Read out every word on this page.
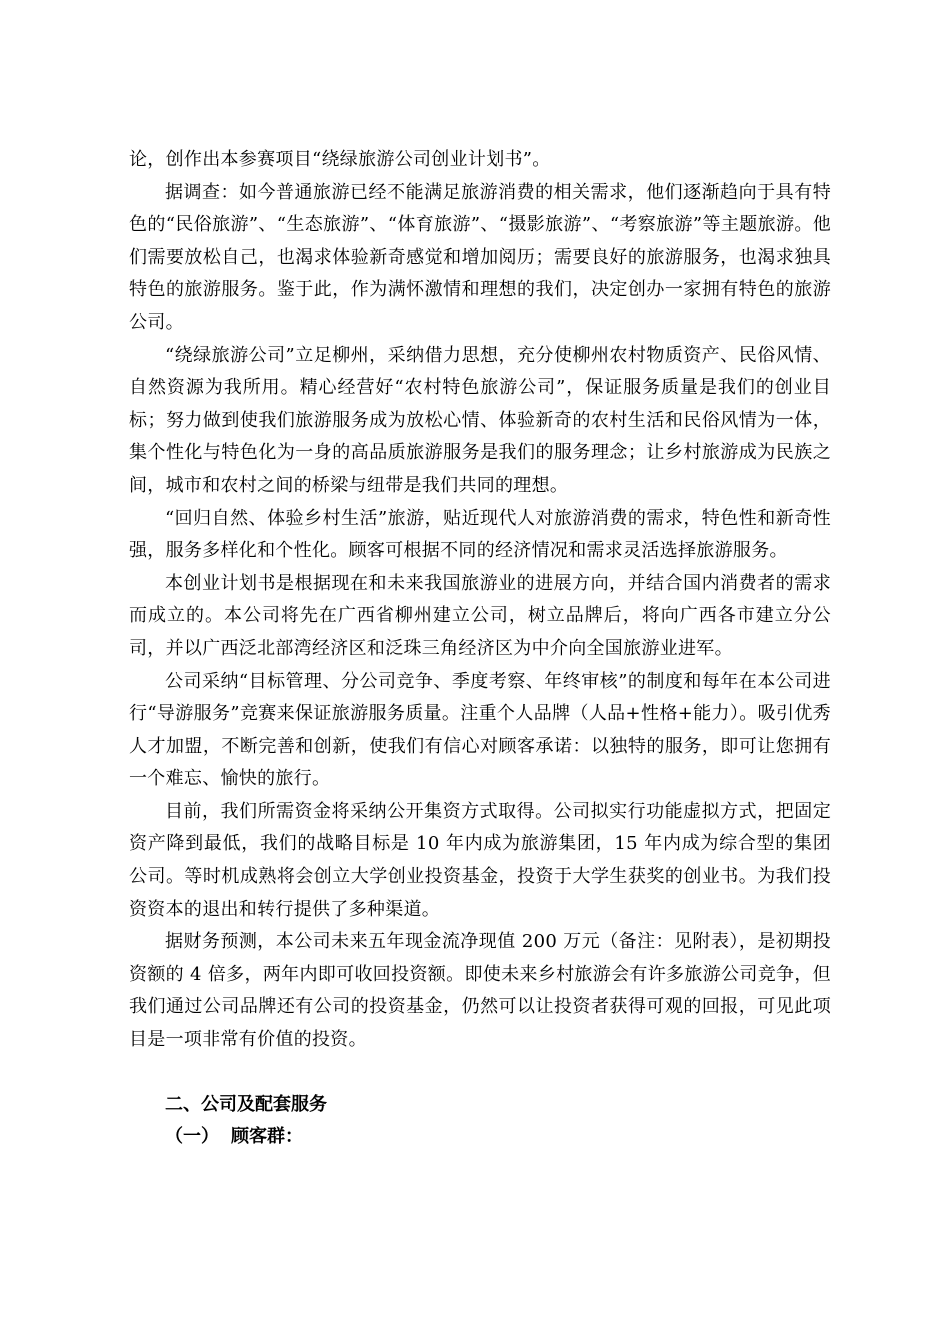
论，创作出本参赛项目“绕绿旅游公司创业计划书”。

据调查：如今普通旅游已经不能满足旅游消费的相关需求，他们逐渐趋向于具有特色的“民俗旅游”、“生态旅游”、“体育旅游”、“摄影旅游”、“考察旅游”等主题旅游。他们需要放松自己，也渴求体验新奇感觉和增加阅历；需要良好的旅游服务，也渴求独具特色的旅游服务。鉴于此，作为满怀激情和理想的我们，决定创办一家拥有特色的旅游公司。

“绕绿旅游公司”立足柳州，采纳借力思想，充分使柳州农村物质资产、民俗风情、自然资源为我所用。精心经营好“农村特色旅游公司”，保证服务质量是我们的创业目标；努力做到使我们旅游服务成为放松心情、体验新奇的农村生活和民俗风情为一体，集个性化与特色化为一身的高品质旅游服务是我们的服务理念；让乡村旅游成为民族之间，城市和农村之间的桥梁与纽带是我们共同的理想。

“回归自然、体验乡村生活”旅游，贴近现代人对旅游消费的需求，特色性和新奇性强，服务多样化和个性化。顾客可根据不同的经济情况和需求灵活选择旅游服务。

本创业计划书是根据现在和未来我国旅游业的进展方向，并结合国内消费者的需求而成立的。本公司将先在广西省柳州建立公司，树立品牌后，将向广西各市建立分公司，并以广西泛北部湾经济区和泛珠三角经济区为中介向全国旅游业进军。

公司采纳“目标管理、分公司竞争、季度考察、年终审核”的制度和每年在本公司进行“导游服务”竞赛来保证旅游服务质量。注重个人品牌（人品+性格+能力）。吸引优秀人才加盟，不断完善和创新，使我们有信心对顾客承诺：以独特的服务，即可让您拥有一个难忘、愉快的旅行。

目前，我们所需资金将采纳公开集资方式取得。公司拟实行功能虚拟方式，把固定资产降到最低，我们的战略目标是 10 年内成为旅游集团，15 年内成为综合型的集团公司。等时机成熟将会创立大学创业投资基金，投资于大学生获奖的创业书。为我们投资资本的退出和转行提供了多种渠道。

据财务预测，本公司未来五年现金流净现值 200 万元（备注：见附表），是初期投资额的 4 倍多，两年内即可收回投资额。即使未来乡村旅游会有许多旅游公司竞争，但我们通过公司品牌还有公司的投资基金，仍然可以让投资者获得可观的回报，可见此项目是一项非常有价值的投资。

二、公司及配套服务

（一） 顾客群：
